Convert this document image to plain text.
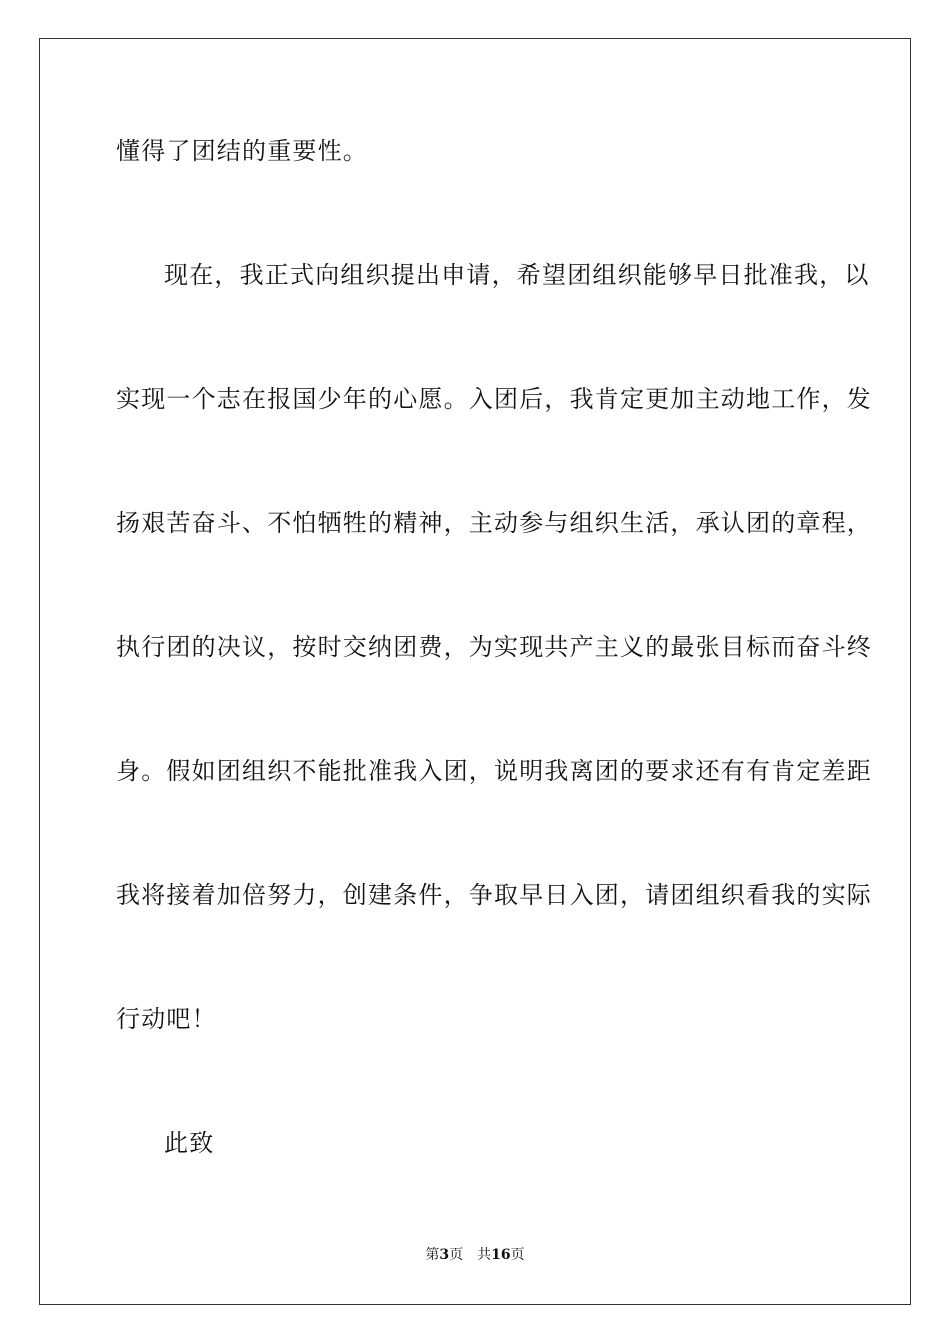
懂得了团结的重要性。
现在，我正式向组织提出申请，希望团组织能够早日批准我，以
实现一个志在报国少年的心愿。入团后，我肯定更加主动地工作，发
扬艰苦奋斗、不怕牺牲的精神，主动参与组织生活，承认团的章程，
执行团的决议，按时交纳团费，为实现共产主义的最张目标而奋斗终
身。假如团组织不能批准我入团，说明我离团的要求还有有肯定差距
我将接着加倍努力，创建条件，争取早日入团，请团组织看我的实际
行动吧！
此致
第3页 共16页
